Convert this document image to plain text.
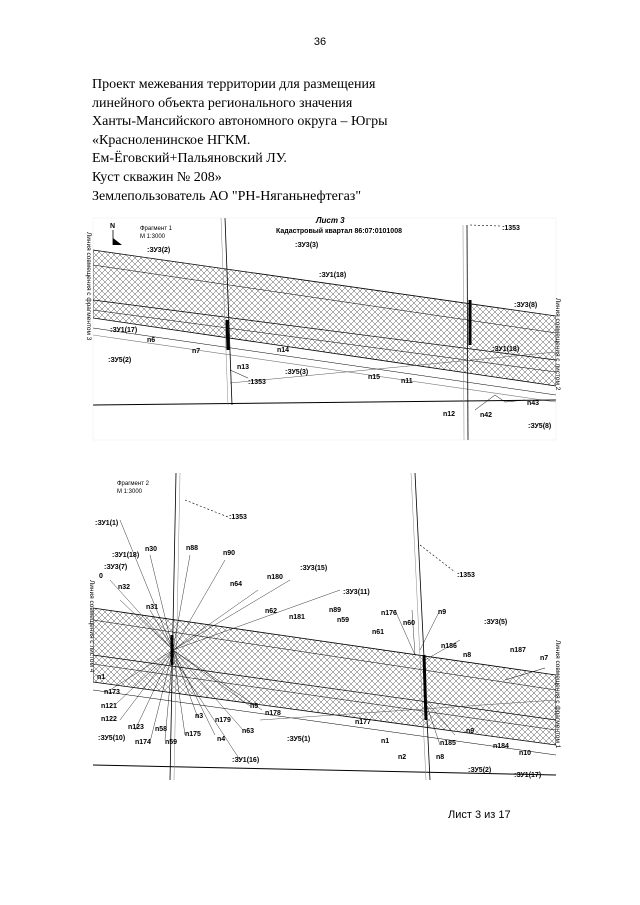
36
Проект межевания территории для размещения
линейного объекта регионального значения
Ханты-Мансийского автономного округа – Югры
«Красноленинское НГКМ.
Ем-Ёговский+Пальяновский ЛУ.
Куст скважин № 208»
Землепользователь АО "РН-Няганьнефтегаз"
N	Фрагмент 1
М 1:3000
Лист 3
Кадастровый квартал 86:07:0101008
Линия совмещения с фрагментом 3
Линия совмещения с листом 2
:ЗУ3(2)
:ЗУ3(3)
:ЗУ1(18)
:ЗУ3(8)
:ЗУ1(17)
n6
n7
n13
:1353
n14
:ЗУ5(3)
n15
n11
:ЗУ1(18)
:ЗУ5(2)
n12	n42
n43
:ЗУ5(8)
:1353
Фрагмент 2
М 1:3000
Линия совмещения с листом 4
Линия совмещения с фрагментом 1
:ЗУ1(1)
:1353
:ЗУ1(18)
n30	n88
n90
:ЗУ3(7)
0
n32	n64
n180
:ЗУ3(15)
n31
:ЗУ3(11)
n62
n181
n89
n59
n176	n9
:ЗУ3(5)
n61
n60
n186
n187
n8	n7
n1
n173
n121	n5
n178
n122
n123 n58
n3
n179	n177
:ЗУ5(10)
n174 n59
n175
n4
n63
:ЗУ5(1)	n1	n185
n9
n184
n10
n2	n8
:ЗУ1(16)
:ЗУ5(2)
:ЗУ1(17)
:1353
Лист 3 из 17
